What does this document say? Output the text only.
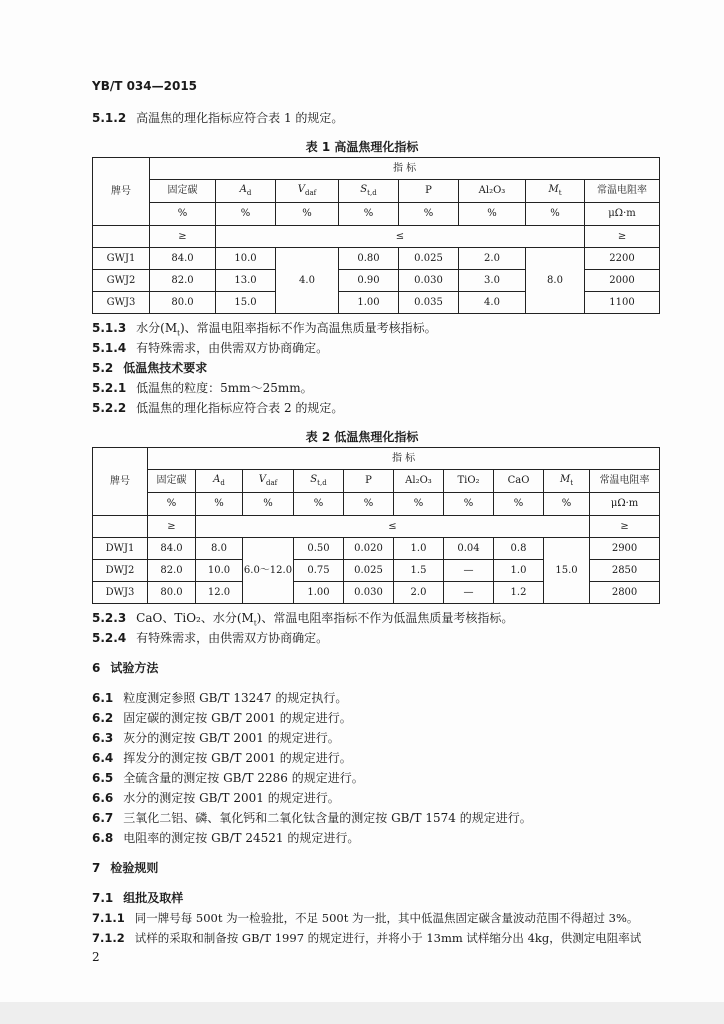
YB/T 034—2015
5.1.2 高温焦的理化指标应符合表 1 的规定。
表 1 高温焦理化指标
牌号	指 标							
	固定碳	$A_d$	$V_{daf}$	$S_{t,d}$	P	Al₂O₃	$M_t$	常温电阻率
	%	%	%	%	%	%	%	μΩ·m
	≥	≤						≥
GWJ1	84.0	10.0	4.0	0.80	0.025	2.0	8.0	2200
GWJ2	82.0	13.0		0.90	0.030	3.0		2000
GWJ3	80.0	15.0		1.00	0.035	4.0		1100
5.1.3 水分$(M_t)$、常温电阻率指标不作为高温焦质量考核指标。
5.1.4 有特殊需求，由供需双方协商确定。
5.2 低温焦技术要求
5.2.1 低温焦的粒度：5mm～25mm。
5.2.2 低温焦的理化指标应符合表 2 的规定。
表 2 低温焦理化指标
牌号	指 标									
	固定碳	$A_d$	$V_{daf}$	$S_{t,d}$	P	Al₂O₃	TiO₂	CaO	$M_t$	常温电阻率
	%	%	%	%	%	%	%	%	%	μΩ·m
	≥	≤								≥
DWJ1	84.0	8.0	6.0～12.0	0.50	0.020	1.0	0.04	0.8	15.0	2900
DWJ2	82.0	10.0		0.75	0.025	1.5	—	1.0		2850
DWJ3	80.0	12.0		1.00	0.030	2.0	—	1.2		2800
5.2.3 CaO、TiO₂、水分$(M_t)$、常温电阻率指标不作为低温焦质量考核指标。
5.2.4 有特殊需求，由供需双方协商确定。
6 试验方法
6.1 粒度测定参照 GB/T 13247 的规定执行。
6.2 固定碳的测定按 GB/T 2001 的规定进行。
6.3 灰分的测定按 GB/T 2001 的规定进行。
6.4 挥发分的测定按 GB/T 2001 的规定进行。
6.5 全硫含量的测定按 GB/T 2286 的规定进行。
6.6 水分的测定按 GB/T 2001 的规定进行。
6.7 三氧化二铝、磷、氧化钙和二氧化钛含量的测定按 GB/T 1574 的规定进行。
6.8 电阻率的测定按 GB/T 24521 的规定进行。
7 检验规则
7.1 组批及取样
7.1.1 同一牌号每 500t 为一检验批，不足 500t 为一批，其中低温焦固定碳含量波动范围不得超过 3%。
7.1.2 试样的采取和制备按 GB/T 1997 的规定进行，并将小于 13mm 试样缩分出 4kg，供测定电阻率试
2
